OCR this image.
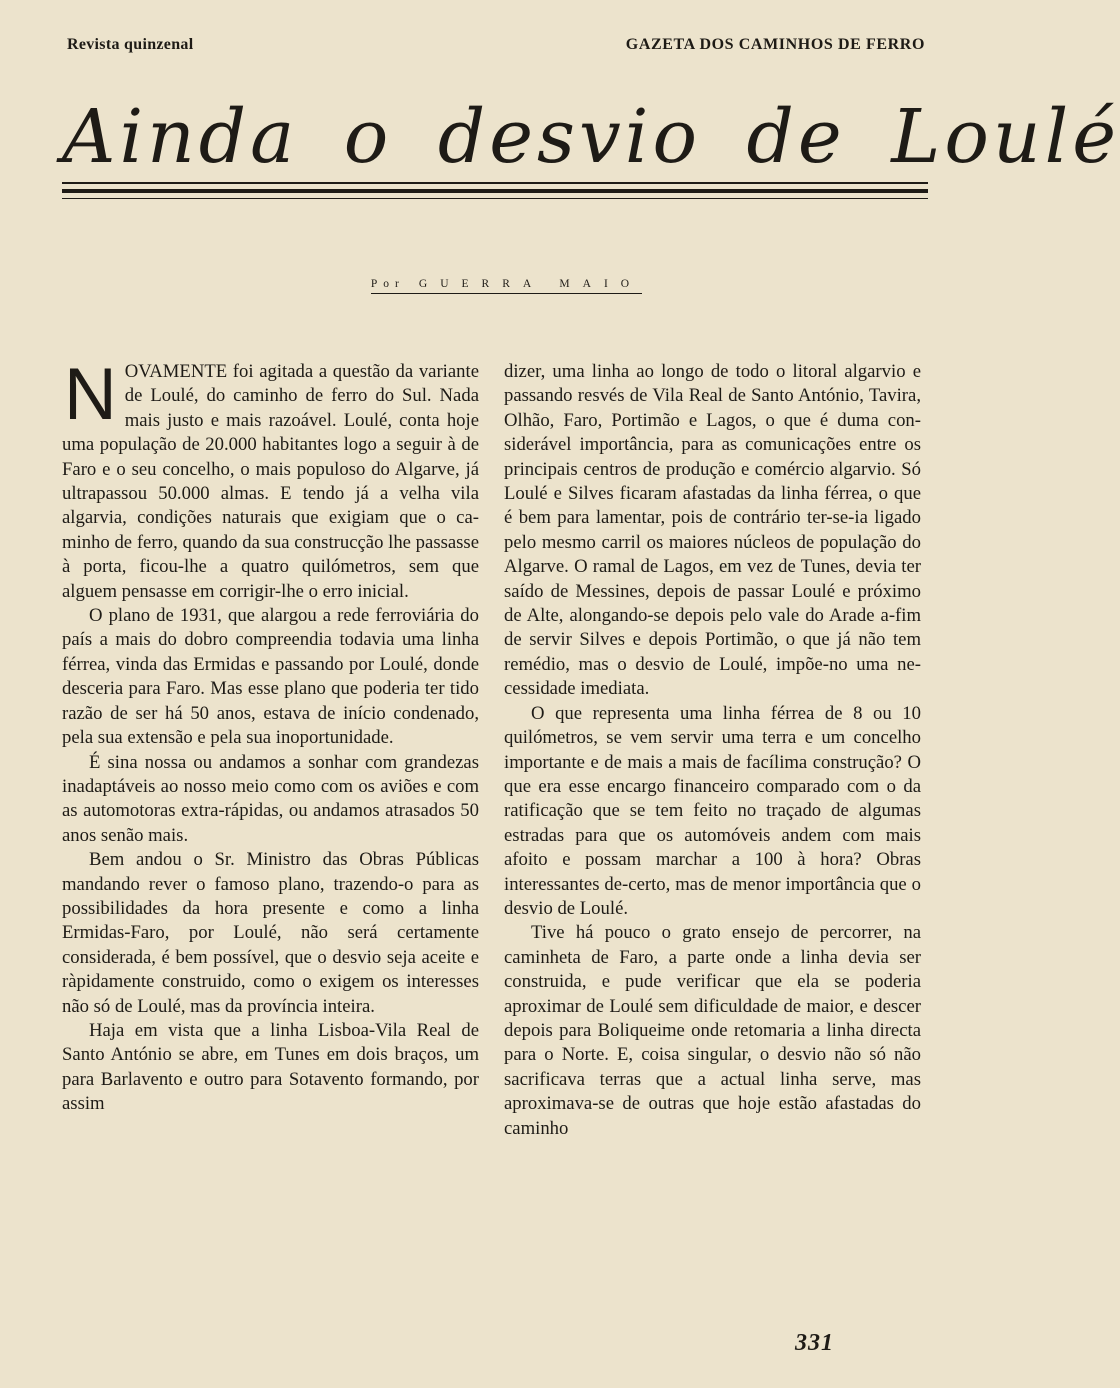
Revista quinzenal	GAZETA DOS CAMINHOS DE FERRO
Ainda o desvio de Loulé
Por GUERRA MAIO

NOVAMENTE foi agitada a questão da variante de Loulé, do caminho de ferro do Sul. Nada mais justo e mais razoável. Loulé, conta hoje uma população de 20.000 habitantes logo a seguir à de Faro e o seu concelho, o mais populoso do Algarve, já ultrapassou 50.000 almas. E tendo já a velha vila algarvia, condições naturais que exigiam que o caminho de ferro, quando da sua construcção lhe passasse à porta, ficou-lhe a quatro quilómetros, sem que alguem pensasse em corrigir-lhe o erro inicial.

O plano de 1931, que alargou a rede ferroviária do país a mais do dobro compreendia todavia uma linha férrea, vinda das Ermidas e passando por Loulé, donde desceria para Faro. Mas esse plano que poderia ter tido razão de ser há 50 anos, estava de início condenado, pela sua extensão e pela sua inoportunidade.

É sina nossa ou andamos a sonhar com grandezas inadaptáveis ao nosso meio como com os aviões e com as automotoras extra-rápidas, ou andamos atrasados 50 anos senão mais.

Bem andou o Sr. Ministro das Obras Públicas mandando rever o famoso plano, trazendo-o para as possibilidades da hora presente e como a linha Ermidas-Faro, por Loulé, não será certamente considerada, é bem possível, que o desvio seja aceite e ràpidamente construido, como o exigem os interesses não só de Loulé, mas da província inteira.

Haja em vista que a linha Lisboa-Vila Real de Santo António se abre, em Tunes em dois braços, um para Barlavento e outro para Sotavento formando, por assim

dizer, uma linha ao longo de todo o litoral algarvio e passando resvés de Vila Real de Santo António, Tavira, Olhão, Faro, Portimão e Lagos, o que é duma considerável importância, para as comunicações entre os principais centros de produção e comércio algarvio. Só Loulé e Silves ficaram afastadas da linha férrea, o que é bem para lamentar, pois de contrário ter-se-ia ligado pelo mesmo carril os maiores núcleos de população do Algarve. O ramal de Lagos, em vez de Tunes, devia ter saído de Messines, depois de passar Loulé e próximo de Alte, alongando-se depois pelo vale do Arade a-fim de servir Silves e depois Portimão, o que já não tem remédio, mas o desvio de Loulé, impõe-no uma necessidade imediata.

O que representa uma linha férrea de 8 ou 10 quilómetros, se vem servir uma terra e um concelho importante e de mais a mais de facílima construção? O que era esse encargo financeiro comparado com o da ratificação que se tem feito no traçado de algumas estradas para que os automóveis andem com mais afoito e possam marchar a 100 à hora? Obras interessantes de-certo, mas de menor importância que o desvio de Loulé.

Tive há pouco o grato ensejo de percorrer, na caminheta de Faro, a parte onde a linha devia ser construida, e pude verificar que ela se poderia aproximar de Loulé sem dificuldade de maior, e descer depois para Boliqueime onde retomaria a linha directa para o Norte. E, coisa singular, o desvio não só não sacrificava terras que a actual linha serve, mas aproximava-se de outras que hoje estão afastadas do caminho

331
